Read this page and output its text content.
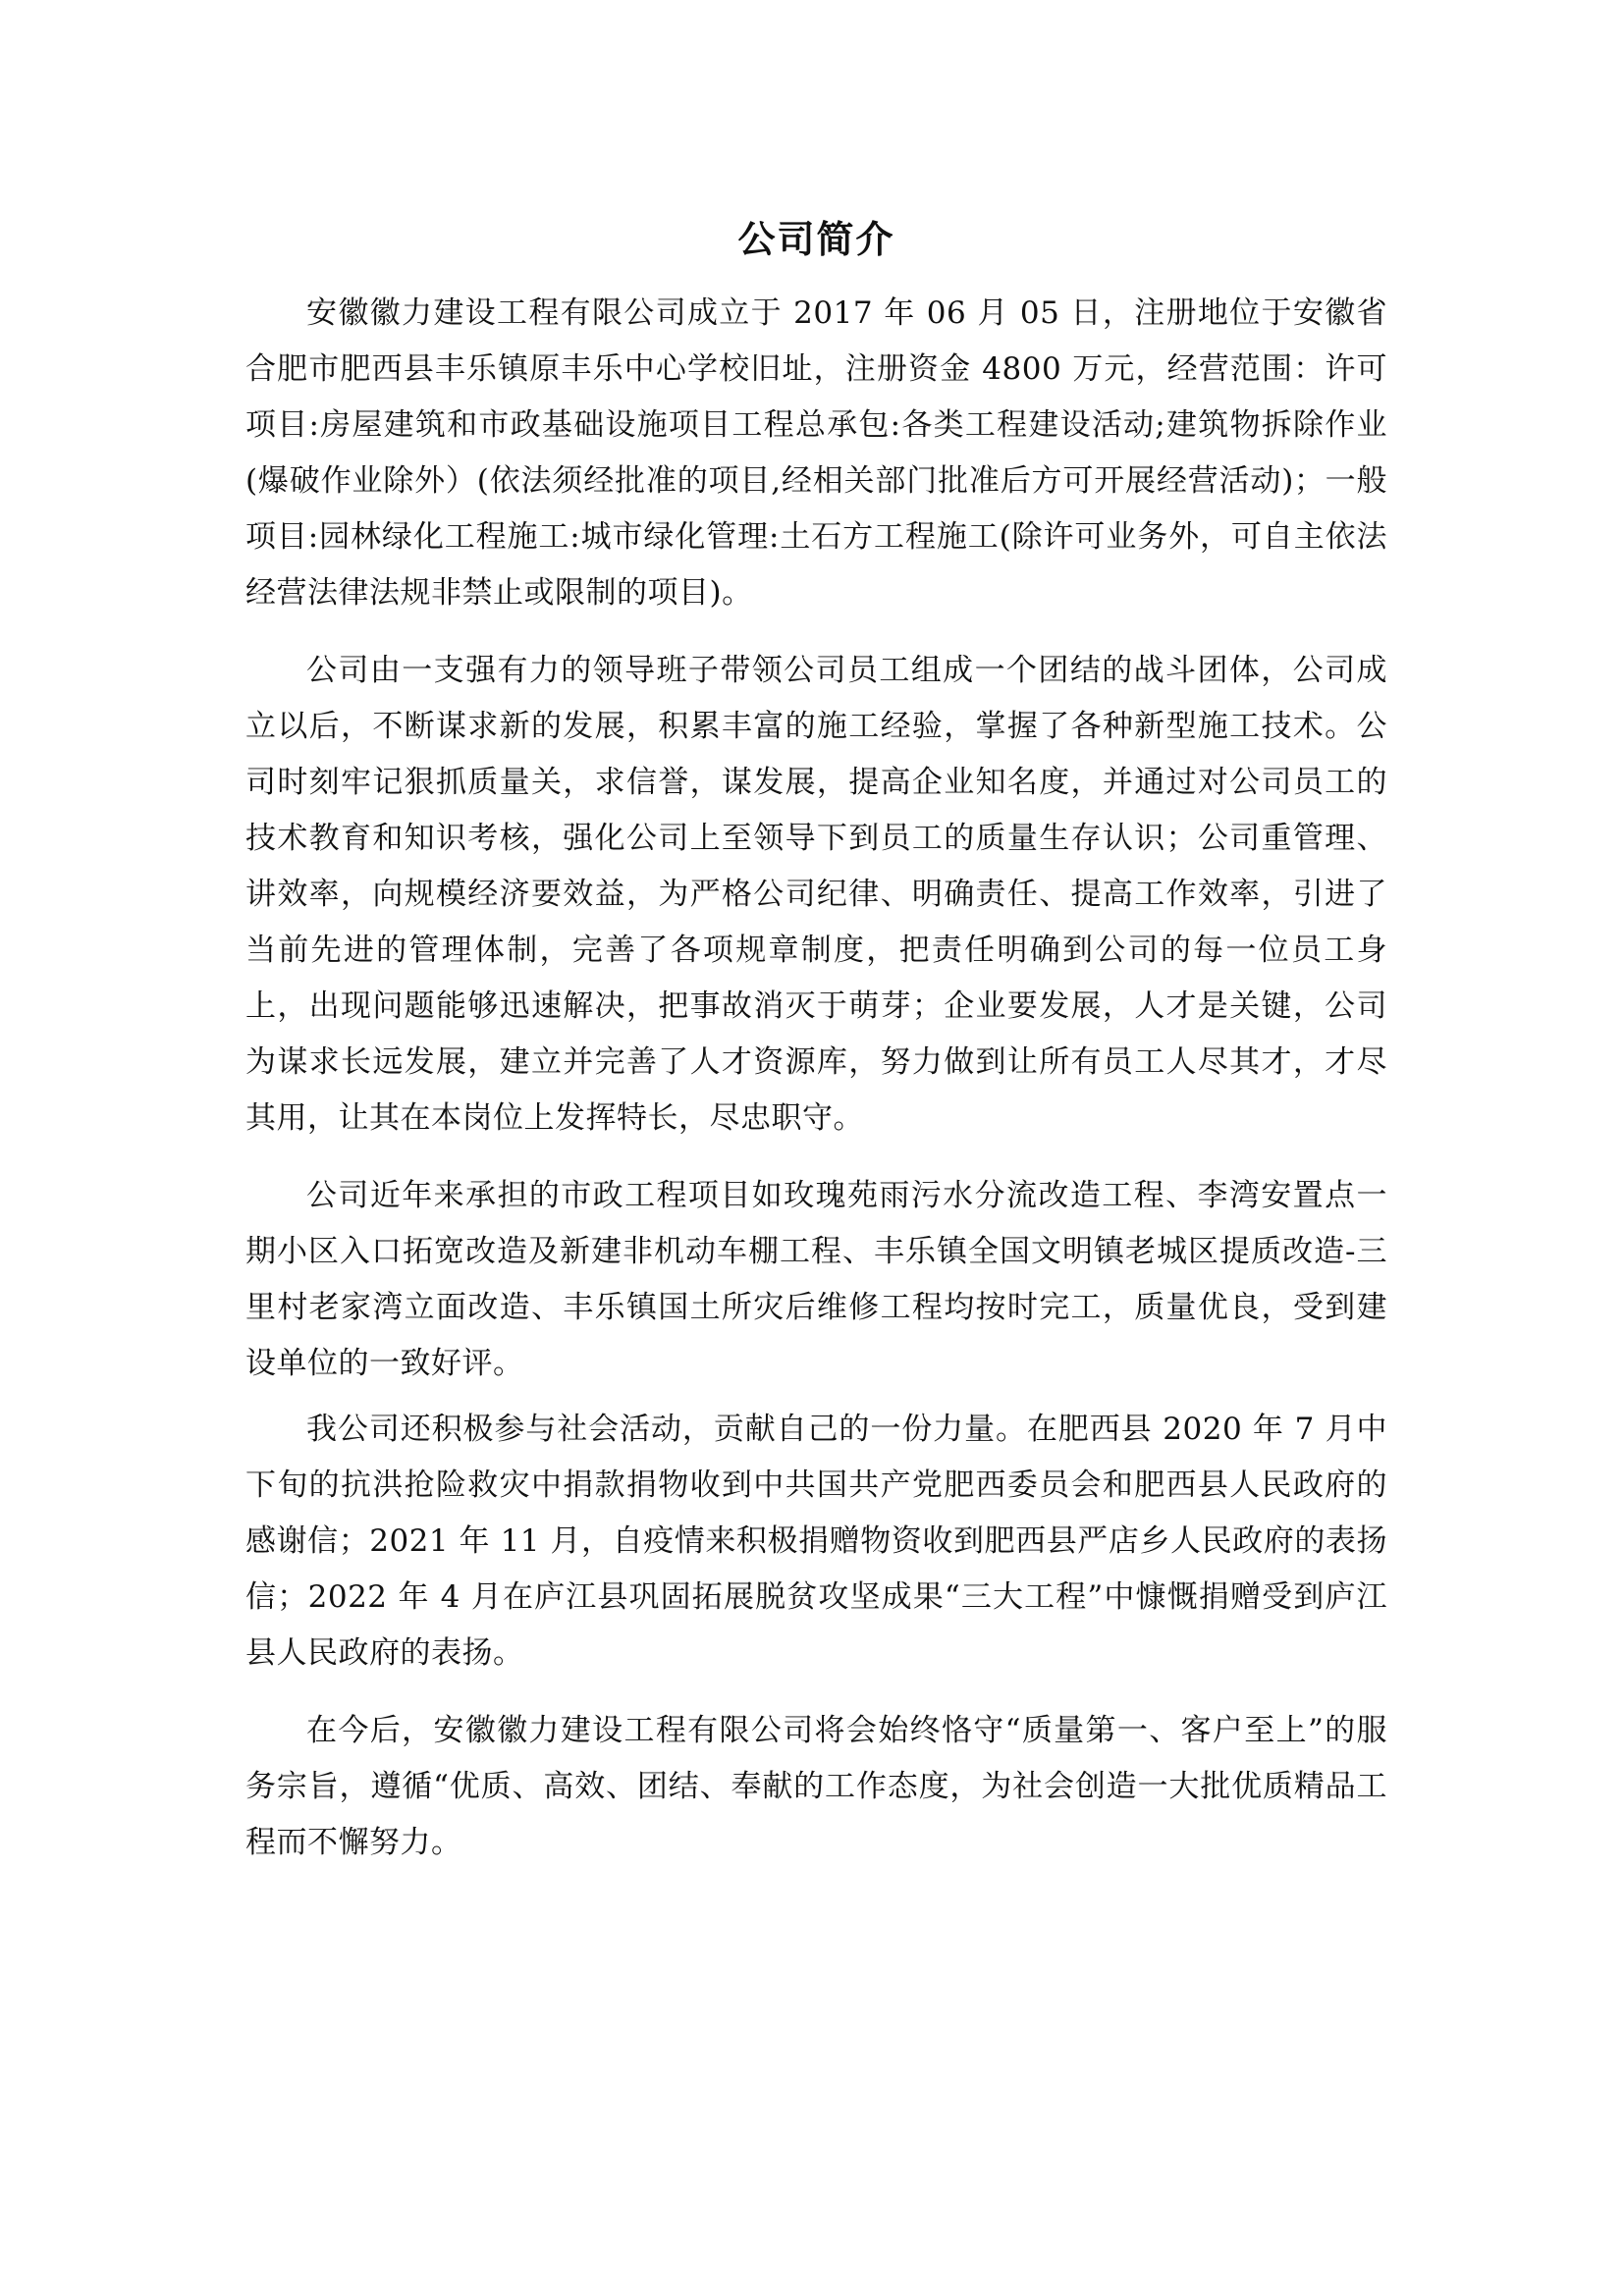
公司简介

安徽徽力建设工程有限公司成立于 2017 年 06 月 05 日，注册地位于安徽省合肥市肥西县丰乐镇原丰乐中心学校旧址，注册资金 4800 万元，经营范围：许可项目:房屋建筑和市政基础设施项目工程总承包:各类工程建设活动;建筑物拆除作业(爆破作业除外）(依法须经批准的项目,经相关部门批准后方可开展经营活动)；一般项目:园林绿化工程施工:城市绿化管理:土石方工程施工(除许可业务外，可自主依法经营法律法规非禁止或限制的项目)。

公司由一支强有力的领导班子带领公司员工组成一个团结的战斗团体，公司成立以后，不断谋求新的发展，积累丰富的施工经验，掌握了各种新型施工技术。公司时刻牢记狠抓质量关，求信誉，谋发展，提高企业知名度，并通过对公司员工的技术教育和知识考核，强化公司上至领导下到员工的质量生存认识；公司重管理、讲效率，向规模经济要效益，为严格公司纪律、明确责任、提高工作效率，引进了当前先进的管理体制，完善了各项规章制度，把责任明确到公司的每一位员工身上，出现问题能够迅速解决，把事故消灭于萌芽；企业要发展，人才是关键，公司为谋求长远发展，建立并完善了人才资源库，努力做到让所有员工人尽其才，才尽其用，让其在本岗位上发挥特长，尽忠职守。

公司近年来承担的市政工程项目如玫瑰苑雨污水分流改造工程、李湾安置点一期小区入口拓宽改造及新建非机动车棚工程、丰乐镇全国文明镇老城区提质改造-三里村老家湾立面改造、丰乐镇国土所灾后维修工程均按时完工，质量优良，受到建设单位的一致好评。

我公司还积极参与社会活动，贡献自己的一份力量。在肥西县 2020 年 7 月中下旬的抗洪抢险救灾中捐款捐物收到中共国共产党肥西委员会和肥西县人民政府的感谢信；2021 年 11 月，自疫情来积极捐赠物资收到肥西县严店乡人民政府的表扬信；2022 年 4 月在庐江县巩固拓展脱贫攻坚成果“三大工程”中慷慨捐赠受到庐江县人民政府的表扬。

在今后，安徽徽力建设工程有限公司将会始终恪守“质量第一、客户至上”的服务宗旨，遵循“优质、高效、团结、奉献的工作态度，为社会创造一大批优质精品工程而不懈努力。
